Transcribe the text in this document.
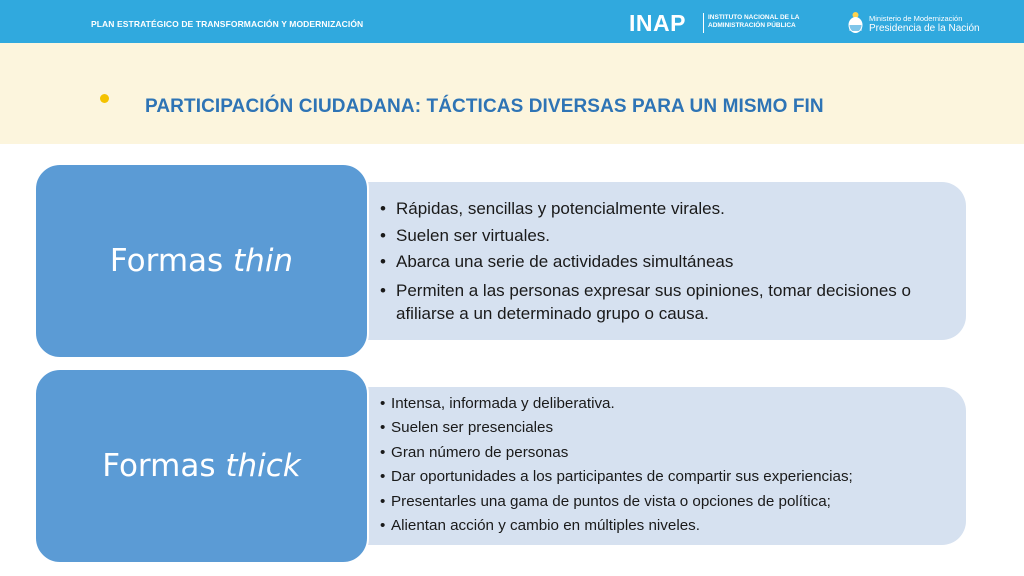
PLAN ESTRATÉGICO DE TRANSFORMACIÓN Y MODERNIZACIÓN	INAP	INSTITUTO NACIONAL DE LA
ADMINISTRACIÓN PÚBLICA
Ministerio de Modernización
Presidencia de la Nación
PARTICIPACIÓN CIUDADANA: TÁCTICAS DIVERSAS PARA UN MISMO FIN
Formas thin
• Rápidas, sencillas y potencialmente virales.
• Suelen ser virtuales.
• Abarca una serie de actividades simultáneas
• Permiten a las personas expresar sus opiniones, tomar decisiones o afiliarse a un determinado grupo o causa.
Formas thick
• Intensa, informada y deliberativa.
• Suelen ser presenciales
• Gran número de personas
• Dar oportunidades a los participantes de compartir sus experiencias;
• Presentarles una gama de puntos de vista o opciones de política;
• Alientan acción y cambio en múltiples niveles.
